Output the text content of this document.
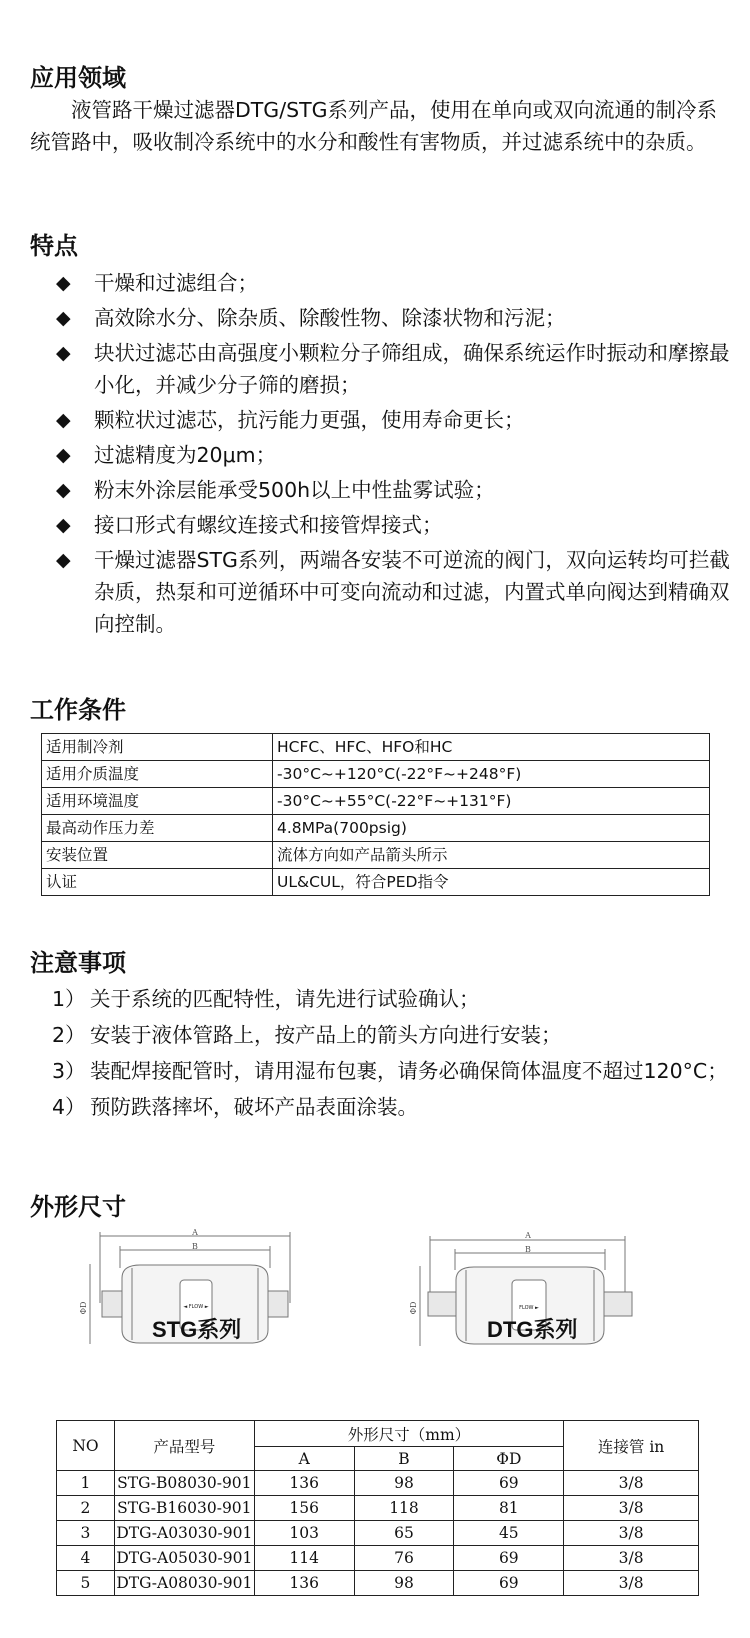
应用领域

液管路干燥过滤器DTG/STG系列产品，使用在单向或双向流通的制冷系统管路中，吸收制冷系统中的水分和酸性有害物质，并过滤系统中的杂质。

特点
◆ 干燥和过滤组合；
◆ 高效除水分、除杂质、除酸性物、除漆状物和污泥；
◆ 块状过滤芯由高强度小颗粒分子筛组成，确保系统运作时振动和摩擦最小化，并减少分子筛的磨损；
◆ 颗粒状过滤芯，抗污能力更强，使用寿命更长；
◆ 过滤精度为20μm；
◆ 粉末外涂层能承受500h以上中性盐雾试验；
◆ 接口形式有螺纹连接式和接管焊接式；
◆ 干燥过滤器STG系列，两端各安装不可逆流的阀门，双向运转均可拦截杂质，热泵和可逆循环中可变向流动和过滤，内置式单向阀达到精确双向控制。
工作条件
适用制冷剂	HCFC、HFC、HFO和HC
适用介质温度	-30°C~+120°C(-22°F~+248°F)
适用环境温度	-30°C~+55°C(-22°F~+131°F)
最高动作压力差	4.8MPa(700psig)
安装位置	流体方向如产品箭头所示
认证	UL&CUL，符合PED指令
注意事项
1） 关于系统的匹配特性，请先进行试验确认；
2） 安装于液体管路上，按产品上的箭头方向进行安装；
3） 装配焊接配管时，请用湿布包裹，请务必确保筒体温度不超过120°C；
4） 预防跌落摔坏，破坏产品表面涂装。
外形尺寸
A
B
ΦD	◄ FLOW ►
STG系列
A
B
ΦD	FLOW ►
DTG系列
NO	产品型号	外形尺寸（mm）			连接管 in
		A	B	ΦD	
1	STG-B08030-901	136	98	69	3/8
2	STG-B16030-901	156	118	81	3/8
3	DTG-A03030-901	103	65	45	3/8
4	DTG-A05030-901	114	76	69	3/8
5	DTG-A08030-901	136	98	69	3/8
